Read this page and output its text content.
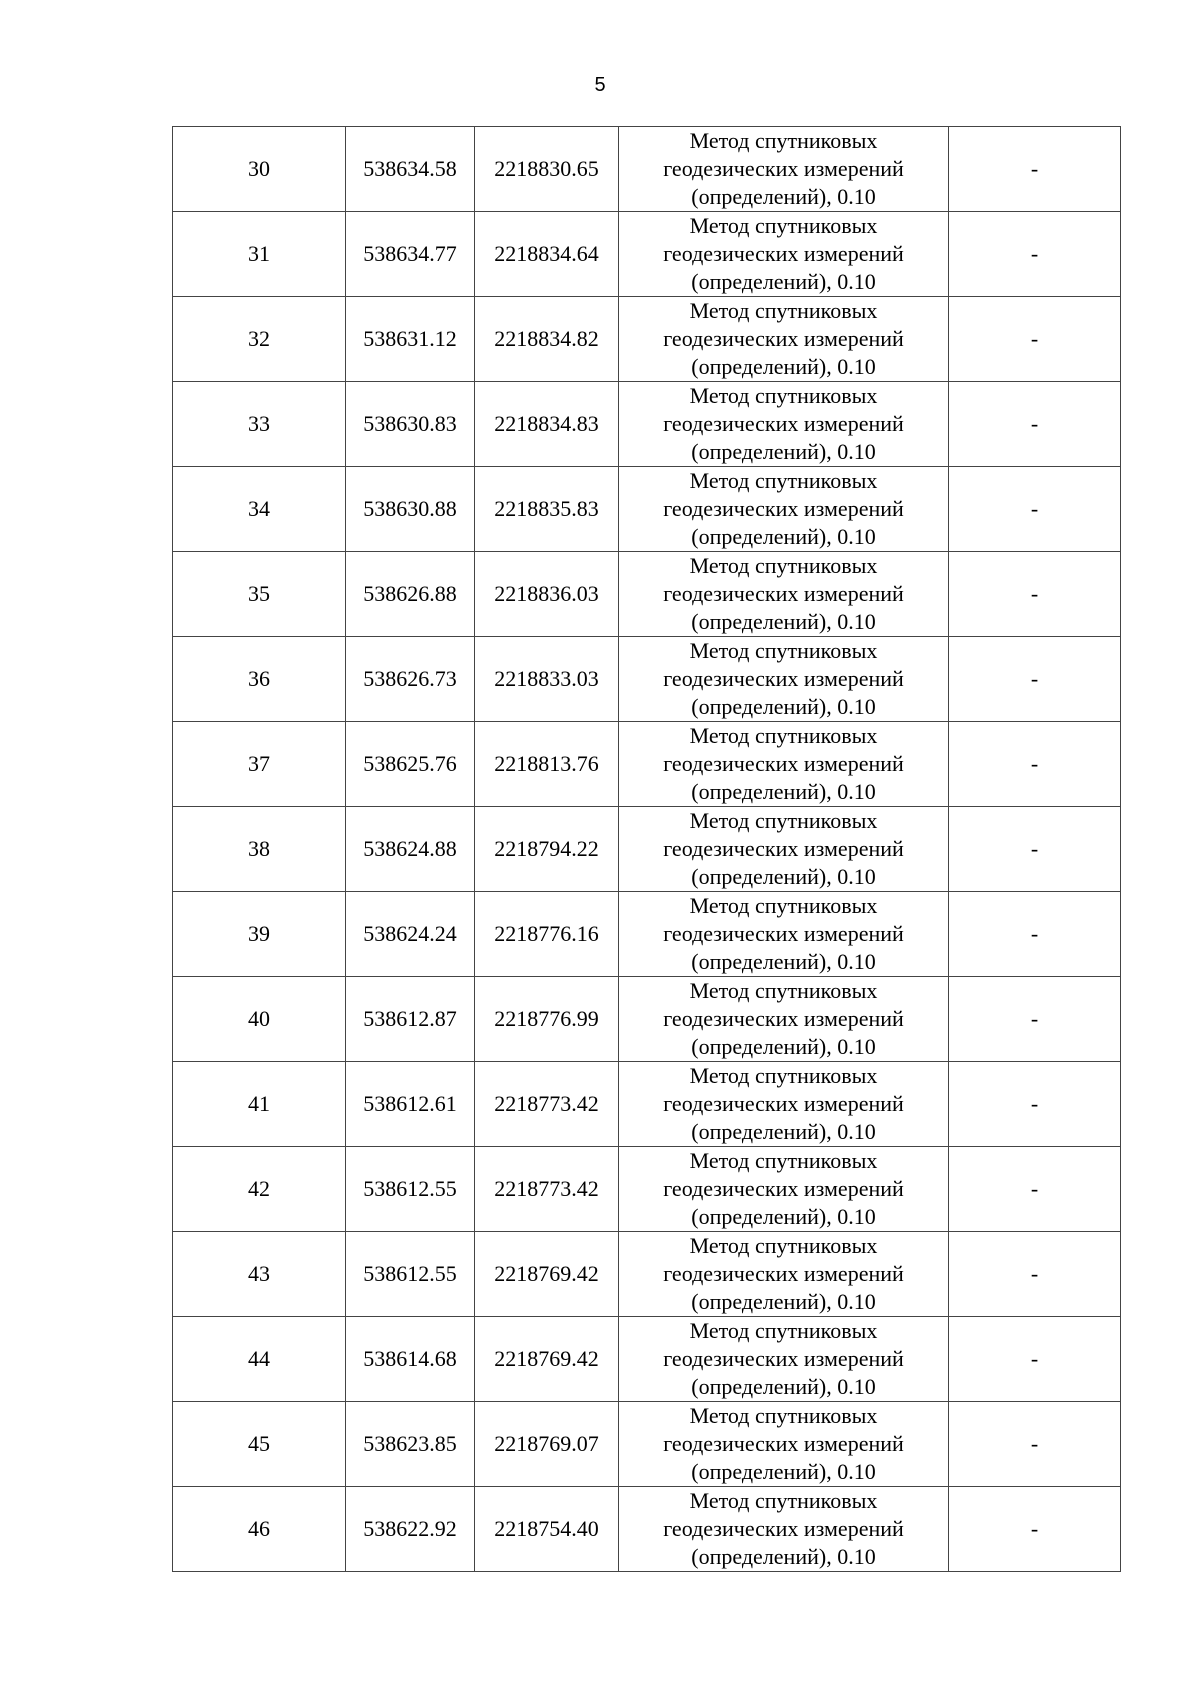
5
30	538634.58	2218830.65	Метод спутниковых
геодезических измерений
(определений), 0.10	-
31	538634.77	2218834.64	Метод спутниковых
геодезических измерений
(определений), 0.10	-
32	538631.12	2218834.82	Метод спутниковых
геодезических измерений
(определений), 0.10	-
33	538630.83	2218834.83	Метод спутниковых
геодезических измерений
(определений), 0.10	-
34	538630.88	2218835.83	Метод спутниковых
геодезических измерений
(определений), 0.10	-
35	538626.88	2218836.03	Метод спутниковых
геодезических измерений
(определений), 0.10	-
36	538626.73	2218833.03	Метод спутниковых
геодезических измерений
(определений), 0.10	-
37	538625.76	2218813.76	Метод спутниковых
геодезических измерений
(определений), 0.10	-
38	538624.88	2218794.22	Метод спутниковых
геодезических измерений
(определений), 0.10	-
39	538624.24	2218776.16	Метод спутниковых
геодезических измерений
(определений), 0.10	-
40	538612.87	2218776.99	Метод спутниковых
геодезических измерений
(определений), 0.10	-
41	538612.61	2218773.42	Метод спутниковых
геодезических измерений
(определений), 0.10	-
42	538612.55	2218773.42	Метод спутниковых
геодезических измерений
(определений), 0.10	-
43	538612.55	2218769.42	Метод спутниковых
геодезических измерений
(определений), 0.10	-
44	538614.68	2218769.42	Метод спутниковых
геодезических измерений
(определений), 0.10	-
45	538623.85	2218769.07	Метод спутниковых
геодезических измерений
(определений), 0.10	-
46	538622.92	2218754.40	Метод спутниковых
геодезических измерений
(определений), 0.10	-
